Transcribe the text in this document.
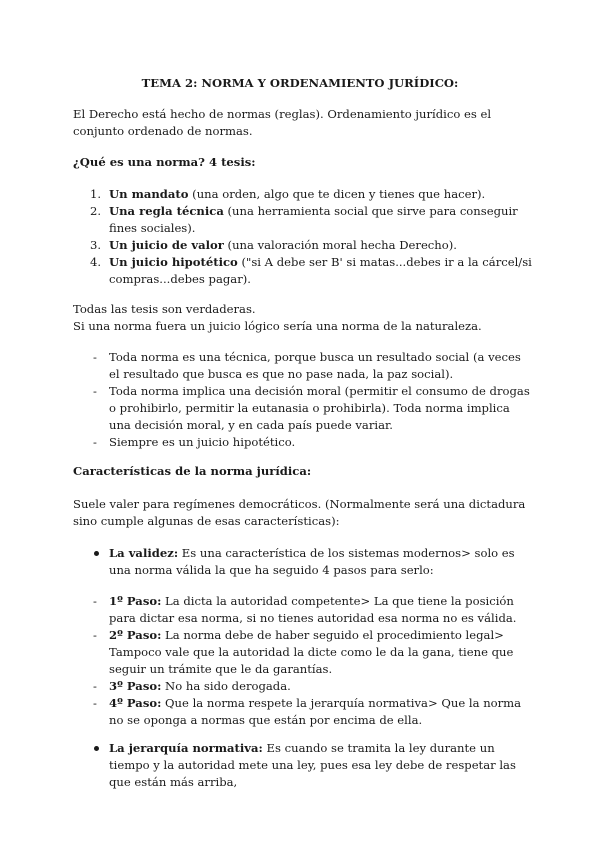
TEMA 2: NORMA Y ORDENAMIENTO JURÍDICO:

El Derecho está hecho de normas (reglas). Ordenamiento jurídico es el conjunto ordenado de normas.

¿Qué es una norma? 4 tesis:

1. Un mandato (una orden, algo que te dicen y tienes que hacer).

2. Una regla técnica (una herramienta social que sirve para conseguir fines sociales).

3. Un juicio de valor (una valoración moral hecha Derecho).

4. Un juicio hipotético ("si A debe ser B' si matas...debes ir a la cárcel/si compras...debes pagar).

Todas las tesis son verdaderas.

Si una norma fuera un juicio lógico sería una norma de la naturaleza.

- Toda norma es una técnica, porque busca un resultado social (a veces el resultado que busca es que no pase nada, la paz social).

- Toda norma implica una decisión moral (permitir el consumo de drogas o prohibirlo, permitir la eutanasia o prohibirla). Toda norma implica una decisión moral, y en cada país puede variar.

- Siempre es un juicio hipotético.

Características de la norma jurídica:

Suele valer para regímenes democráticos. (Normalmente será una dictadura sino cumple algunas de esas características):

La validez: Es una característica de los sistemas modernos> solo es una norma válida la que ha seguido 4 pasos para serlo:

- 1º Paso: La dicta la autoridad competente> La que tiene la posición para dictar esa norma, si no tienes autoridad esa norma no es válida.

- 2º Paso: La norma debe de haber seguido el procedimiento legal> Tampoco vale que la autoridad la dicte como le da la gana, tiene que seguir un trámite que le da garantías.

- 3º Paso: No ha sido derogada.

- 4º Paso: Que la norma respete la jerarquía normativa> Que la norma no se oponga a normas que están por encima de ella.

La jerarquía normativa: Es cuando se tramita la ley durante un tiempo y la autoridad mete una ley, pues esa ley debe de respetar las que están más arriba,
